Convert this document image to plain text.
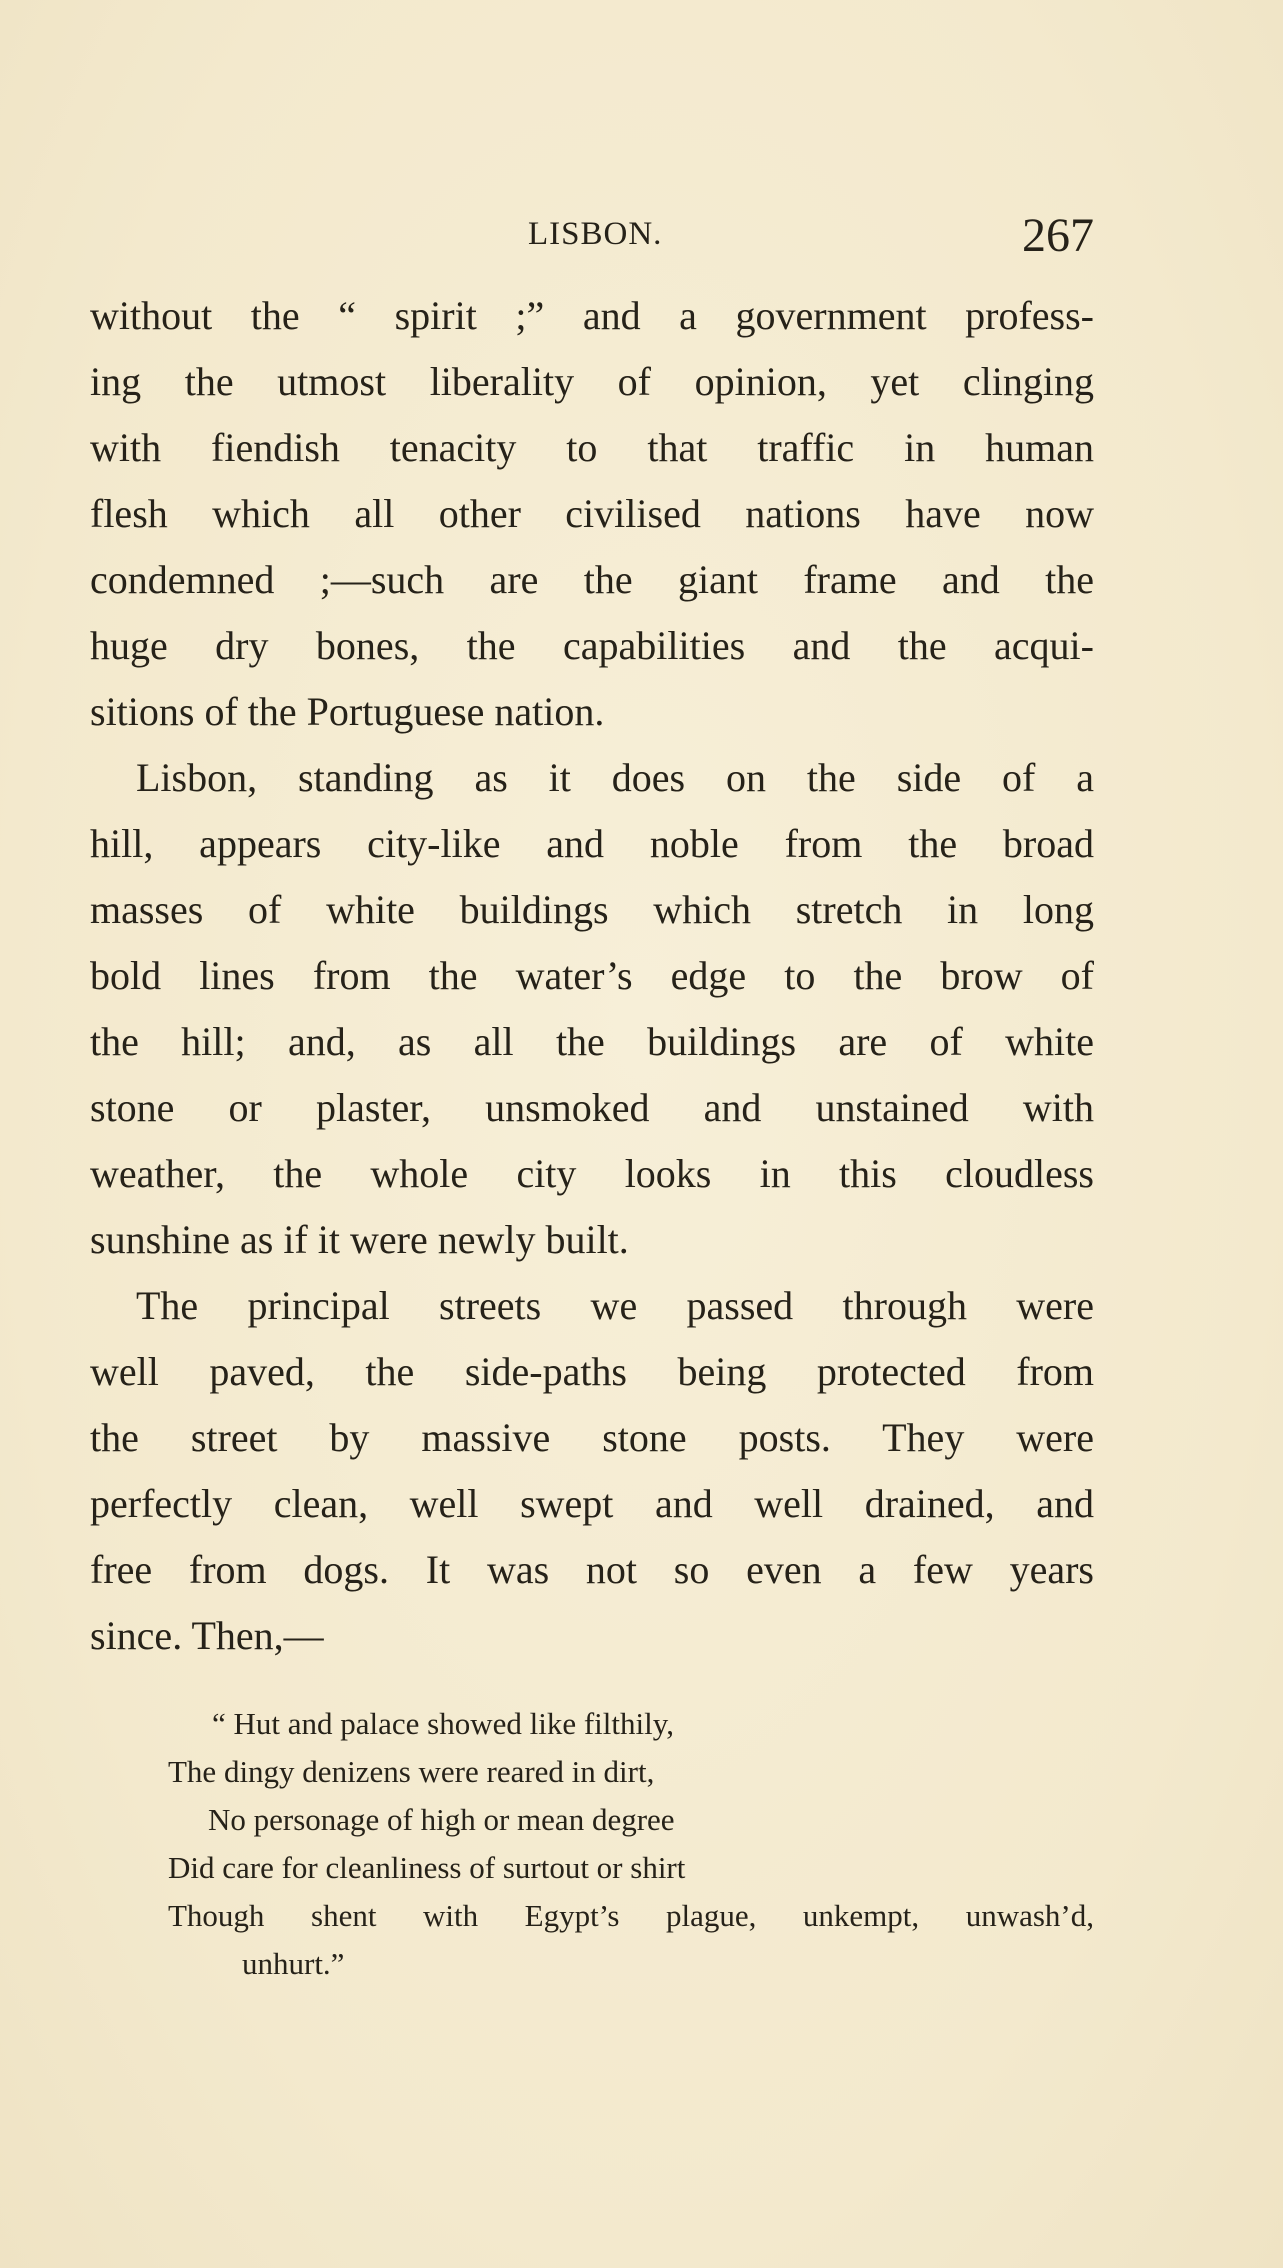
LISBON.	267
without the “ spirit ;” and a government profess-
ing the utmost liberality of opinion, yet clinging
with fiendish tenacity to that traffic in human
flesh which all other civilised nations have now
condemned ;—such are the giant frame and the
huge dry bones, the capabilities and the acqui-
sitions of the Portuguese nation.
Lisbon, standing as it does on the side of a
hill, appears city-like and noble from the broad
masses of white buildings which stretch in long
bold lines from the water’s edge to the brow of
the hill; and, as all the buildings are of white
stone or plaster, unsmoked and unstained with
weather, the whole city looks in this cloudless
sunshine as if it were newly built.
The principal streets we passed through were
well paved, the side-paths being protected from
the street by massive stone posts. They were
perfectly clean, well swept and well drained, and
free from dogs. It was not so even a few years
since. Then,—
“ Hut and palace showed like filthily,
The dingy denizens were reared in dirt,
No personage of high or mean degree
Did care for cleanliness of surtout or shirt
Though shent with Egypt’s plague, unkempt, unwash’d,
unhurt.”
